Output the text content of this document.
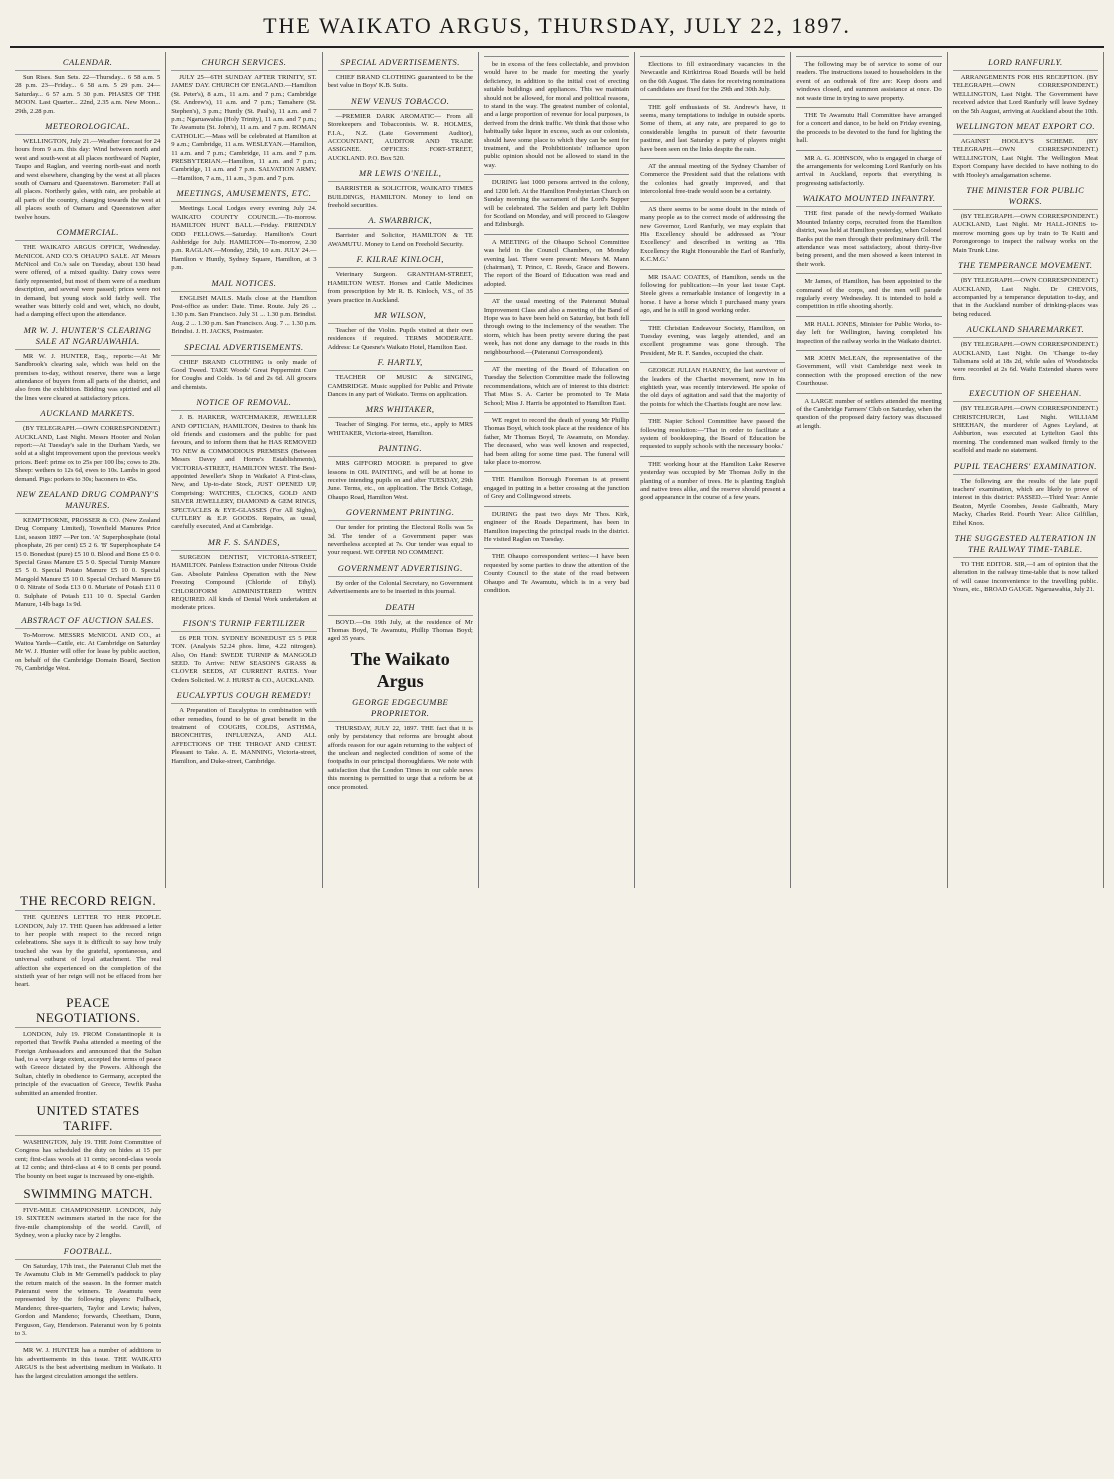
THE WAIKATO ARGUS, THURSDAY, JULY 22, 1897.
CALENDAR.

Sun Rises. Sun Sets. 22—Thursday... 6 58 a.m. 5 28 p.m. 23—Friday... 6 58 a.m. 5 29 p.m. 24—Saturday... 6 57 a.m. 5 30 p.m. PHASES OF THE MOON. Last Quarter... 22nd, 2.35 a.m. New Moon... 29th, 2.28 p.m.

METEOROLOGICAL.

WELLINGTON, July 21.—Weather forecast for 24 hours from 9 a.m. this day: Wind between north and west and south-west at all places northward of Napier, Taupo and Raglan, and veering north-east and north and west elsewhere, changing by the west at all places south of Oamaru and Queenstown. Barometer: Fall at all places. Northerly gales, with rain, are probable at all parts of the country, changing towards the west at all places south of Oamaru and Queenstown after twelve hours.

COMMERCIAL.

THE WAIKATO ARGUS OFFICE, Wednesday. McNICOL AND CO.'S OHAUPO SALE. AT Messrs McNicol and Co.'s sale on Tuesday, about 130 head were offered, of a mixed quality. Dairy cows were fairly represented, but most of them were of a medium description, and several were passed; prices were not in demand, but young stock sold fairly well. The weather was bitterly cold and wet, which, no doubt, had a damping effect upon the attendance.

MR W. J. HUNTER'S CLEARING SALE AT NGARUAWAHIA.

MR W. J. HUNTER, Esq., reports:—At Mr Sandbrook's clearing sale, which was held on the premises to-day, without reserve, there was a large attendance of buyers from all parts of the district, and also from the exhibition. Bidding was spirited and all the lines were cleared at satisfactory prices.

AUCKLAND MARKETS.

(BY TELEGRAPH.—OWN CORRESPONDENT.) AUCKLAND, Last Night. Messrs Hooter and Nolan report:—At Tuesday's sale in the Durham Yards, we sold at a slight improvement upon the previous week's prices. Beef: prime ox to 25s per 100 lbs; cows to 20s. Sheep: wethers to 12s 6d, ewes to 10s. Lambs in good demand. Pigs: porkers to 30s; baconers to 45s.

NEW ZEALAND DRUG COMPANY'S MANURES.

KEMPTHORNE, PROSSER & CO. (New Zealand Drug Company Limited), Townfield Manures Price List, season 1897 —Per ton. 'A' Superphosphate (total phosphate, 26 per cent) £5 2 6. 'B' Superphosphate £4 15 0. Bonedust (pure) £5 10 0. Blood and Bone £5 0 0. Special Grass Manure £5 5 0. Special Turnip Manure £5 5 0. Special Potato Manure £5 10 0. Special Mangold Manure £5 10 0. Special Orchard Manure £6 0 0. Nitrate of Soda £13 0 0. Muriate of Potash £11 0 0. Sulphate of Potash £11 10 0. Special Garden Manure, 14lb bags 1s 9d.

ABSTRACT OF AUCTION SALES.

To-Morrow. MESSRS McNICOL AND CO., at Waitoa Yards—Cattle, etc. At Cambridge on Saturday Mr W. J. Hunter will offer for lease by public auction, on behalf of the Cambridge Domain Board, Section 76, Cambridge West.

CHURCH SERVICES.

JULY 25—6TH SUNDAY AFTER TRINITY, ST. JAMES' DAY. CHURCH OF ENGLAND.—Hamilton (St. Peter's), 8 a.m., 11 a.m. and 7 p.m.; Cambridge (St. Andrew's), 11 a.m. and 7 p.m.; Tamahere (St. Stephen's), 3 p.m.; Huntly (St. Paul's), 11 a.m. and 7 p.m.; Ngaruawahia (Holy Trinity), 11 a.m. and 7 p.m.; Te Awamutu (St. John's), 11 a.m. and 7 p.m. ROMAN CATHOLIC.—Mass will be celebrated at Hamilton at 9 a.m.; Cambridge, 11 a.m. WESLEYAN.—Hamilton, 11 a.m. and 7 p.m.; Cambridge, 11 a.m. and 7 p.m. PRESBYTERIAN.—Hamilton, 11 a.m. and 7 p.m.; Cambridge, 11 a.m. and 7 p.m. SALVATION ARMY.—Hamilton, 7 a.m., 11 a.m., 3 p.m. and 7 p.m.

MEETINGS, AMUSEMENTS, ETC.

Meetings Local Lodges every evening July 24. WAIKATO COUNTY COUNCIL.—To-morrow. HAMILTON HUNT BALL.—Friday. FRIENDLY ODD FELLOWS.—Saturday. Hamilton's Court Ashbridge for July. HAMILTON—To-morrow, 2.30 p.m. RAGLAN.—Monday, 25th, 10 a.m. JULY 24.—Hamilton v Huntly, Sydney Square, Hamilton, at 3 p.m.

MAIL NOTICES.

ENGLISH MAILS. Mails close at the Hamilton Post-office as under: Date. Time. Route. July 26 ... 1.30 p.m. San Francisco. July 31 ... 1.30 p.m. Brindisi. Aug. 2 ... 1.30 p.m. San Francisco. Aug. 7 ... 1.30 p.m. Brindisi. J. H. JACKS, Postmaster.

SPECIAL ADVERTISEMENTS.

CHIEF BRAND CLOTHING is only made of Good Tweed. TAKE Woods' Great Peppermint Cure for Coughs and Colds. 1s 6d and 2s 6d. All grocers and chemists.

NOTICE OF REMOVAL.

J. B. HARKER, WATCHMAKER, JEWELLER AND OPTICIAN, HAMILTON, Desires to thank his old friends and customers and the public for past favours, and to inform them that he HAS REMOVED TO NEW & COMMODIOUS PREMISES (Between Messrs Davey and Horne's Establishments), VICTORIA-STREET, HAMILTON WEST. The Best-appointed Jeweller's Shop in Waikato! A First-class, New, and Up-to-date Stock, JUST OPENED UP, Comprising: WATCHES, CLOCKS, GOLD AND SILVER JEWELLERY, DIAMOND & GEM RINGS, SPECTACLES & EYE-GLASSES (For All Sights), CUTLERY & E.P. GOODS. Repairs, as usual, carefully executed, And at Cambridge.

MR F. S. SANDES,

SURGEON DENTIST, VICTORIA-STREET, HAMILTON. Painless Extraction under Nitrous Oxide Gas. Absolute Painless Operation with the New Freezing Compound (Chloride of Ethyl). CHLOROFORM ADMINISTERED WHEN REQUIRED. All kinds of Dental Work undertaken at moderate prices.

FISON'S TURNIP FERTILIZER

£6 PER TON. SYDNEY BONEDUST £5 5 PER TON. (Analysis 52.24 phos. lime, 4.22 nitrogen). Also, On Hand: SWEDE TURNIP & MANGOLD SEED. To Arrive: NEW SEASON'S GRASS & CLOVER SEEDS, AT CURRENT RATES. Your Orders Solicited. W. J. HURST & CO., AUCKLAND.

EUCALYPTUS COUGH REMEDY!

A Preparation of Eucalyptus in combination with other remedies, found to be of great benefit in the treatment of COUGHS, COLDS, ASTHMA, BRONCHITIS, INFLUENZA, AND ALL AFFECTIONS OF THE THROAT AND CHEST. Pleasant to Take. A. E. MANNING, Victoria-street, Hamilton, and Duke-street, Cambridge.

SPECIAL ADVERTISEMENTS.

CHIEF BRAND CLOTHING guaranteed to be the best value in Boys' K.B. Suits.

NEW VENUS TOBACCO.

—PREMIER DARK AROMATIC— From all Storekeepers and Tobacconists. W. R. HOLMES, F.I.A., N.Z. (Late Government Auditor), ACCOUNTANT, AUDITOR AND TRADE ASSIGNEE. OFFICES: FORT-STREET, AUCKLAND. P.O. Box 520.

MR LEWIS O'NEILL,

BARRISTER & SOLICITOR, WAIKATO TIMES BUILDINGS, HAMILTON. Money to lend on freehold securities.

A. SWARBRICK,

Barrister and Solicitor, HAMILTON & TE AWAMUTU. Money to Lend on Freehold Security.

F. KILRAE KINLOCH,

Veterinary Surgeon. GRANTHAM-STREET, HAMILTON WEST. Horses and Cattle Medicines from prescription by Mr R. B. Kinloch, V.S., of 35 years practice in Auckland.

MR WILSON,

Teacher of the Violin. Pupils visited at their own residences if required. TERMS MODERATE. Address: Le Quesne's Waikato Hotel, Hamilton East.

F. HARTLY,

TEACHER OF MUSIC & SINGING, CAMBRIDGE. Music supplied for Public and Private Dances in any part of Waikato. Terms on application.

MRS WHITAKER,

Teacher of Singing. For terms, etc., apply to MRS WHITAKER, Victoria-street, Hamilton.

PAINTING.

MRS GIFFORD MOORE is prepared to give lessons in OIL PAINTING, and will be at home to receive intending pupils on and after TUESDAY, 29th June. Terms, etc., on application. The Brick Cottage, Ohaupo Road, Hamilton West.

GOVERNMENT PRINTING.

Our tender for printing the Electoral Rolls was 5s 3d. The tender of a Government paper was nevertheless accepted at 7s. Our tender was equal to your request. WE OFFER NO COMMENT.

GOVERNMENT ADVERTISING.

By order of the Colonial Secretary, no Government Advertisements are to be inserted in this journal.

DEATH

BOYD.—On 19th July, at the residence of Mr Thomas Boyd, Te Awamutu, Phillip Thomas Boyd; aged 35 years.

The Waikato Argus
GEORGE EDGECUMBE PROPRIETOR.

THURSDAY, JULY 22, 1897. THE fact that it is only by persistency that reforms are brought about affords reason for our again returning to the subject of the unclean and neglected condition of some of the footpaths in our principal thoroughfares. We note with satisfaction that the London Times in our cable news this morning is permitted to urge that a reform be at once promoted.

be in excess of the fees collectable, and provision would have to be made for meeting the yearly deficiency, in addition to the initial cost of erecting suitable buildings and appliances. This we maintain should not be allowed, for moral and political reasons, to stand in the way. The greatest number of colonial, and a large proportion of revenue for local purposes, is derived from the drink traffic. We think that those who habitually take liquor in excess, such as our colonists, should have some place to which they can be sent for treatment, and the Prohibitionists' influence upon public opinion should not be allowed to stand in the way.

DURING last 1000 persons arrived in the colony, and 1200 left. At the Hamilton Presbyterian Church on Sunday morning the sacrament of the Lord's Supper will be celebrated. The Selden and party left Dublin for Scotland on Monday, and will proceed to Glasgow and Edinburgh.

A MEETING of the Ohaupo School Committee was held in the Council Chambers, on Monday evening last. There were present: Messrs M. Mann (chairman), T. Prince, C. Reeds, Grace and Bowers. The report of the Board of Education was read and adopted.

AT the usual meeting of the Pateranui Mutual Improvement Class and also a meeting of the Band of Hope was to have been held on Saturday, but both fell through owing to the inclemency of the weather. The storm, which has been pretty severe during the past week, has not done any damage to the roads in this neighbourhood.—(Pateranui Correspondent).

AT the meeting of the Board of Education on Tuesday the Selection Committee made the following recommendations, which are of interest to this district: That Miss S. A. Carter be promoted to Te Mata School; Miss J. Harris be appointed to Hamilton East.

WE regret to record the death of young Mr Phillip Thomas Boyd, which took place at the residence of his father, Mr Thomas Boyd, Te Awamutu, on Monday. The deceased, who was well known and respected, had been ailing for some time past. The funeral will take place to-morrow.

THE Hamilton Borough Foreman is at present engaged in putting in a better crossing at the junction of Grey and Collingwood streets.

DURING the past two days Mr Thos. Kirk, engineer of the Roads Department, has been in Hamilton inspecting the principal roads in the district. He visited Raglan on Tuesday.

THE Ohaupo correspondent writes:—I have been requested by some parties to draw the attention of the County Council to the state of the road between Ohaupo and Te Awamutu, which is in a very bad condition.

Elections to fill extraordinary vacancies in the Newcastle and Kirikiriroa Road Boards will be held on the 6th August. The dates for receiving nominations of candidates are fixed for the 29th and 30th July.

THE golf enthusiasts of St. Andrew's have, it seems, many temptations to indulge in outside sports. Some of them, at any rate, are prepared to go to considerable lengths in pursuit of their favourite pastime, and last Saturday a party of players might have been seen on the links despite the rain.

AT the annual meeting of the Sydney Chamber of Commerce the President said that the relations with the colonies had greatly improved, and that intercolonial free-trade would soon be a certainty.

AS there seems to be some doubt in the minds of many people as to the correct mode of addressing the new Governor, Lord Ranfurly, we may explain that His Excellency should be addressed as 'Your Excellency' and described in writing as 'His Excellency the Right Honourable the Earl of Ranfurly, K.C.M.G.'

MR ISAAC COATES, of Hamilton, sends us the following for publication:—In your last issue Capt. Steele gives a remarkable instance of longevity in a horse. I have a horse which I purchased many years ago, and he is still in good working order.

THE Christian Endeavour Society, Hamilton, on Tuesday evening, was largely attended, and an excellent programme was gone through. The President, Mr R. F. Sandes, occupied the chair.

GEORGE JULIAN HARNEY, the last survivor of the leaders of the Chartist movement, now in his eightieth year, was recently interviewed. He spoke of the old days of agitation and said that the majority of the points for which the Chartists fought are now law.

THE Napier School Committee have passed the following resolution:—'That in order to facilitate a system of bookkeeping, the Board of Education be requested to supply schools with the necessary books.'

THE working hour at the Hamilton Lake Reserve yesterday was occupied by Mr Thomas Jolly in the planting of a number of trees. He is planting English and native trees alike, and the reserve should present a good appearance in the course of a few years.

The following may be of service to some of our readers. The instructions issued to householders in the event of an outbreak of fire are: Keep doors and windows closed, and summon assistance at once. Do not waste time in trying to save property.

THE Te Awamutu Hall Committee have arranged for a concert and dance, to be held on Friday evening, the proceeds to be devoted to the fund for lighting the hall.

MR A. G. JOHNSON, who is engaged in charge of the arrangements for welcoming Lord Ranfurly on his arrival in Auckland, reports that everything is progressing satisfactorily.

WAIKATO MOUNTED INFANTRY.

THE first parade of the newly-formed Waikato Mounted Infantry corps, recruited from the Hamilton district, was held at Hamilton yesterday, when Colonel Banks put the men through their preliminary drill. The attendance was most satisfactory, about thirty-five being present, and the men showed a keen interest in their work.

Mr James, of Hamilton, has been appointed to the command of the corps, and the men will parade regularly every Wednesday. It is intended to hold a competition in rifle shooting shortly.

MR HALL JONES, Minister for Public Works, to-day left for Wellington, having completed his inspection of the railway works in the Waikato district.

MR JOHN McLEAN, the representative of the Government, will visit Cambridge next week in connection with the proposed erection of the new Courthouse.

A LARGE number of settlers attended the meeting of the Cambridge Farmers' Club on Saturday, when the question of the proposed dairy factory was discussed at length.

LORD RANFURLY.

ARRANGEMENTS FOR HIS RECEPTION. (BY TELEGRAPH.—OWN CORRESPONDENT.) WELLINGTON, Last Night. The Government have received advice that Lord Ranfurly will leave Sydney on the 5th August, arriving at Auckland about the 10th.

WELLINGTON MEAT EXPORT CO.

AGAINST HOOLEY'S SCHEME. (BY TELEGRAPH.—OWN CORRESPONDENT.) WELLINGTON, Last Night. The Wellington Meat Export Company have decided to have nothing to do with Hooley's amalgamation scheme.

THE MINISTER FOR PUBLIC WORKS.

(BY TELEGRAPH.—OWN CORRESPONDENT.) AUCKLAND, Last Night. Mr HALL-JONES to-morrow morning goes up by train to Te Kuiti and Porongorongo to inspect the railway works on the Main Trunk Line.

THE TEMPERANCE MOVEMENT.

(BY TELEGRAPH.—OWN CORRESPONDENT.) AUCKLAND, Last Night. Dr CHEVOIS, accompanied by a temperance deputation to-day, and that in the Auckland number of drinking-places was being reduced.

AUCKLAND SHAREMARKET.

(BY TELEGRAPH.—OWN CORRESPONDENT.) AUCKLAND, Last Night. On 'Change to-day Talismans sold at 18s 2d, while sales of Woodstocks were recorded at 2s 6d. Waihi Extended shares were firm.

EXECUTION OF SHEEHAN.

(BY TELEGRAPH.—OWN CORRESPONDENT.) CHRISTCHURCH, Last Night. WILLIAM SHEEHAN, the murderer of Agnes Leyland, at Ashburton, was executed at Lyttelton Gaol this morning. The condemned man walked firmly to the scaffold and made no statement.

PUPIL TEACHERS' EXAMINATION.

The following are the results of the late pupil teachers' examination, which are likely to prove of interest in this district: PASSED.—Third Year: Annie Beaton, Myrtle Coombes, Jessie Galbraith, Mary Macky, Charles Reid. Fourth Year: Alice Gilfillan, Ethel Knox.

THE SUGGESTED ALTERATION IN THE RAILWAY TIME-TABLE.

TO THE EDITOR. SIR,—I am of opinion that the alteration in the railway time-table that is now talked of will cause inconvenience to the travelling public. Yours, etc., BROAD GAUGE. Ngaruawahia, July 21.

THE RECORD REIGN.

THE QUEEN'S LETTER TO HER PEOPLE. LONDON, July 17. THE Queen has addressed a letter to her people with respect to the record reign celebrations. She says it is difficult to say how truly touched she was by the grateful, spontaneous, and universal outburst of loyal attachment. The real affection she experienced on the completion of the sixtieth year of her reign will not be effaced from her heart.

PEACE NEGOTIATIONS.

LONDON, July 19. FROM Constantinople it is reported that Tewfik Pasha attended a meeting of the Foreign Ambassadors and announced that the Sultan had, to a very large extent, accepted the terms of peace with Greece dictated by the Powers. Although the Sultan, chiefly in obedience to Germany, accepted the principle of the evacuation of Greece, Tewfik Pasha submitted an amended frontier.

UNITED STATES TARIFF.

WASHINGTON, July 19. THE Joint Committee of Congress has scheduled the duty on hides at 15 per cent; first-class wools at 11 cents; second-class wools at 12 cents; and third-class at 4 to 8 cents per pound. The bounty on beet sugar is increased by one-eighth.

SWIMMING MATCH.

FIVE-MILE CHAMPIONSHIP. LONDON, July 19. SIXTEEN swimmers started in the race for the five-mile championship of the world. Cavill, of Sydney, won a plucky race by 2 lengths.

FOOTBALL.

On Saturday, 17th inst., the Pateranui Club met the Te Awamutu Club in Mr Gemmell's paddock to play the return match of the season. In the former match Pateranui were the winners. Te Awamutu were represented by the following players: Fullback, Mandeno; three-quarters, Taylor and Lewis; halves, Gordon and Mandeno; forwards, Cheetham, Dunn, Ferguson, Gay, Henderson. Pateranui won by 6 points to 3.

MR W. J. HUNTER has a number of additions to his advertisements in this issue. THE WAIKATO ARGUS is the best advertising medium in Waikato. It has the largest circulation amongst the settlers.
